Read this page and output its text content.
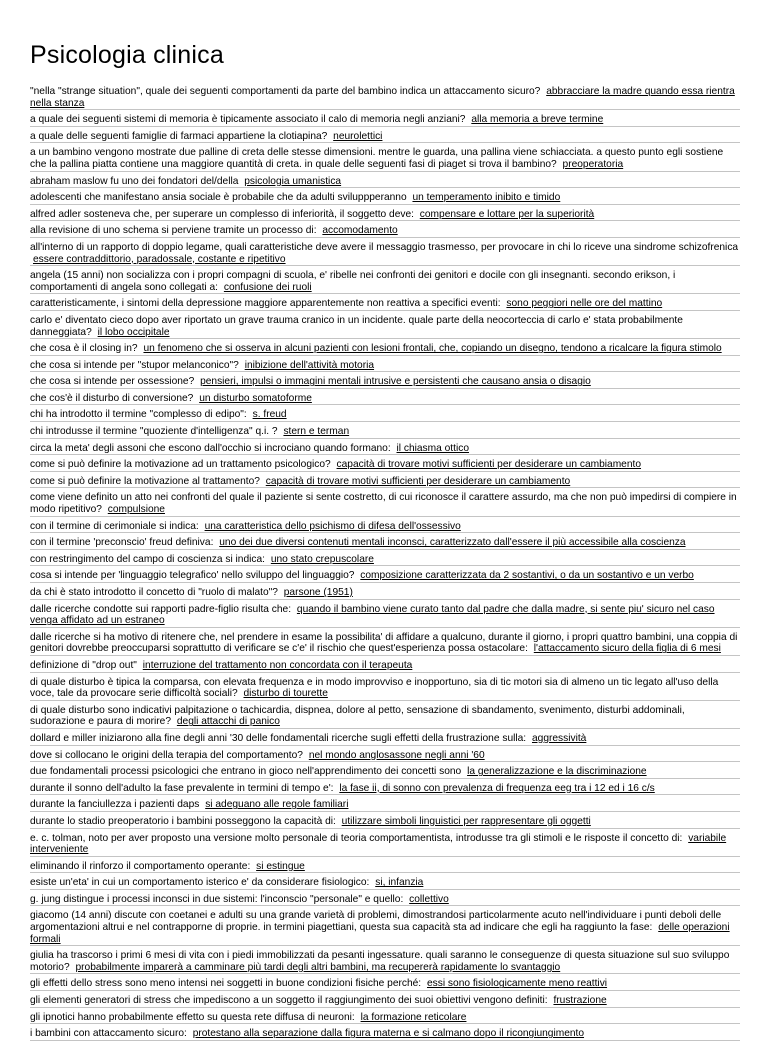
Psicologia clinica
"nella "strange situation", quale dei seguenti comportamenti da parte del bambino indica un attaccamento sicuro? abbracciare la madre quando essa rientra nella stanza
a quale dei seguenti sistemi di memoria è tipicamente associato il calo di memoria negli anziani? alla memoria a breve termine
a quale delle seguenti famiglie di farmaci appartiene la clotiapina? neurolettici
a un bambino vengono mostrate due palline di creta delle stesse dimensioni. mentre le guarda, una pallina viene schiacciata. a questo punto egli sostiene che la pallina piatta contiene una maggiore quantità di creta. in quale delle seguenti fasi di piaget si trova il bambino? preoperatoria
abraham maslow fu uno dei fondatori del/della psicologia umanistica
adolescenti che manifestano ansia sociale è probabile che da adulti sviluppperanno un temperamento inibito e timido
alfred adler sosteneva che, per superare un complesso di inferiorità, il soggetto deve: compensare e lottare per la superiorità
alla revisione di uno schema si perviene tramite un processo di: accomodamento
all'interno di un rapporto di doppio legame, quali caratteristiche deve avere il messaggio trasmesso, per provocare in chi lo riceve una sindrome schizofrenica essere contraddittorio, paradossale, costante e ripetitivo
angela (15 anni) non socializza con i propri compagni di scuola, e' ribelle nei confronti dei genitori e docile con gli insegnanti. secondo erikson, i comportamenti di angela sono collegati a: confusione dei ruoli
caratteristicamente, i sintomi della depressione maggiore apparentemente non reattiva a specifici eventi: sono peggiori nelle ore del mattino
carlo e' diventato cieco dopo aver riportato un grave trauma cranico in un incidente. quale parte della neocorteccia di carlo e' stata probabilmente danneggiata? il lobo occipitale
che cosa è il closing in? un fenomeno che si osserva in alcuni pazienti con lesioni frontali, che, copiando un disegno, tendono a ricalcare la figura stimolo
che cosa si intende per "stupor melanconico"? inibizione dell'attività motoria
che cosa si intende per ossessione? pensieri, impulsi o immagini mentali intrusive e persistenti che causano ansia o disagio
che cos'è il disturbo di conversione? un disturbo somatoforme
chi ha introdotto il termine "complesso di edipo": s. freud
chi introdusse il termine "quoziente d'intelligenza" q.i. ? stern e terman
circa la meta' degli assoni che escono dall'occhio si incrociano quando formano: il chiasma ottico
come si può definire la motivazione ad un trattamento psicologico? capacità di trovare motivi sufficienti per desiderare un cambiamento
come si può definire la motivazione al trattamento? capacità di trovare motivi sufficienti per desiderare un cambiamento
come viene definito un atto nei confronti del quale il paziente si sente costretto, di cui riconosce il carattere assurdo, ma che non può impedirsi di compiere in modo ripetitivo? compulsione
con il termine di cerimoniale si indica: una caratteristica dello psichismo di difesa dell'ossessivo
con il termine 'preconscio' freud definiva: uno dei due diversi contenuti mentali inconsci, caratterizzato dall'essere il più accessibile alla coscienza
con restringimento del campo di coscienza si indica: uno stato crepuscolare
cosa si intende per 'linguaggio telegrafico' nello sviluppo del linguaggio? composizione caratterizzata da 2 sostantivi, o da un sostantivo e un verbo
da chi è stato introdotto il concetto di "ruolo di malato"? parsone (1951)
dalle ricerche condotte sui rapporti padre-figlio risulta che: quando il bambino viene curato tanto dal padre che dalla madre, si sente piu' sicuro nel caso venga affidato ad un estraneo
dalle ricerche si ha motivo di ritenere che, nel prendere in esame la possibilita' di affidare a qualcuno, durante il giorno, i propri quattro bambini, una coppia di genitori dovrebbe preoccuparsi soprattutto di verificare se c'e' il rischio che quest'esperienza possa ostacolare: l'attaccamento sicuro della figlia di 6 mesi
definizione di "drop out" interruzione del trattamento non concordata con il terapeuta
di quale disturbo è tipica la comparsa, con elevata frequenza e in modo improvviso e inopportuno, sia di tic motori sia di almeno un tic legato all'uso della voce, tale da provocare serie difficoltà sociali? disturbo di tourette
di quale disturbo sono indicativi palpitazione o tachicardia, dispnea, dolore al petto, sensazione di sbandamento, svenimento, disturbi addominali, sudorazione e paura di morire? degli attacchi di panico
dollard e miller iniziarono alla fine degli anni '30 delle fondamentali ricerche sugli effetti della frustrazione sulla: aggressività
dove si collocano le origini della terapia del comportamento? nel mondo anglosassone negli anni '60
due fondamentali processi psicologici che entrano in gioco nell'apprendimento dei concetti sono la generalizzazione e la discriminazione
durante il sonno dell'adulto la fase prevalente in termini di tempo e': la fase ii, di sonno con prevalenza di frequenza eeg tra i 12 ed i 16 c/s
durante la fanciullezza i pazienti daps si adeguano alle regole familiari
durante lo stadio preoperatorio i bambini posseggono la capacità di: utilizzare simboli linguistici per rappresentare gli oggetti
e. c. tolman, noto per aver proposto una versione molto personale di teoria comportamentista, introdusse tra gli stimoli e le risposte il concetto di: variabile interveniente
eliminando il rinforzo il comportamento operante: si estingue
esiste un'eta' in cui un comportamento isterico e' da considerare fisiologico: si, infanzia
g. jung distingue i processi inconsci in due sistemi: l'inconscio "personale" e quello: collettivo
giacomo (14 anni) discute con coetanei e adulti su una grande varietà di problemi, dimostrandosi particolarmente acuto nell'individuare i punti deboli delle argomentazioni altrui e nel contrapporne di proprie. in termini piagettiani, questa sua capacità sta ad indicare che egli ha raggiunto la fase: delle operazioni formali
giulia ha trascorso i primi 6 mesi di vita con i piedi immobilizzati da pesanti ingessature. quali saranno le conseguenze di questa situazione sul suo sviluppo motorio? probabilmente imparerà a camminare più tardi degli altri bambini, ma recupererà rapidamente lo svantaggio
gli effetti dello stress sono meno intensi nei soggetti in buone condizioni fisiche perché: essi sono fisiologicamente meno reattivi
gli elementi generatori di stress che impediscono a un soggetto il raggiungimento dei suoi obiettivi vengono definiti: frustrazione
gli ipnotici hanno probabilmente effetto su questa rete diffusa di neuroni: la formazione reticolare
i bambini con attaccamento sicuro: protestano alla separazione dalla figura materna e si calmano dopo il ricongiungimento
